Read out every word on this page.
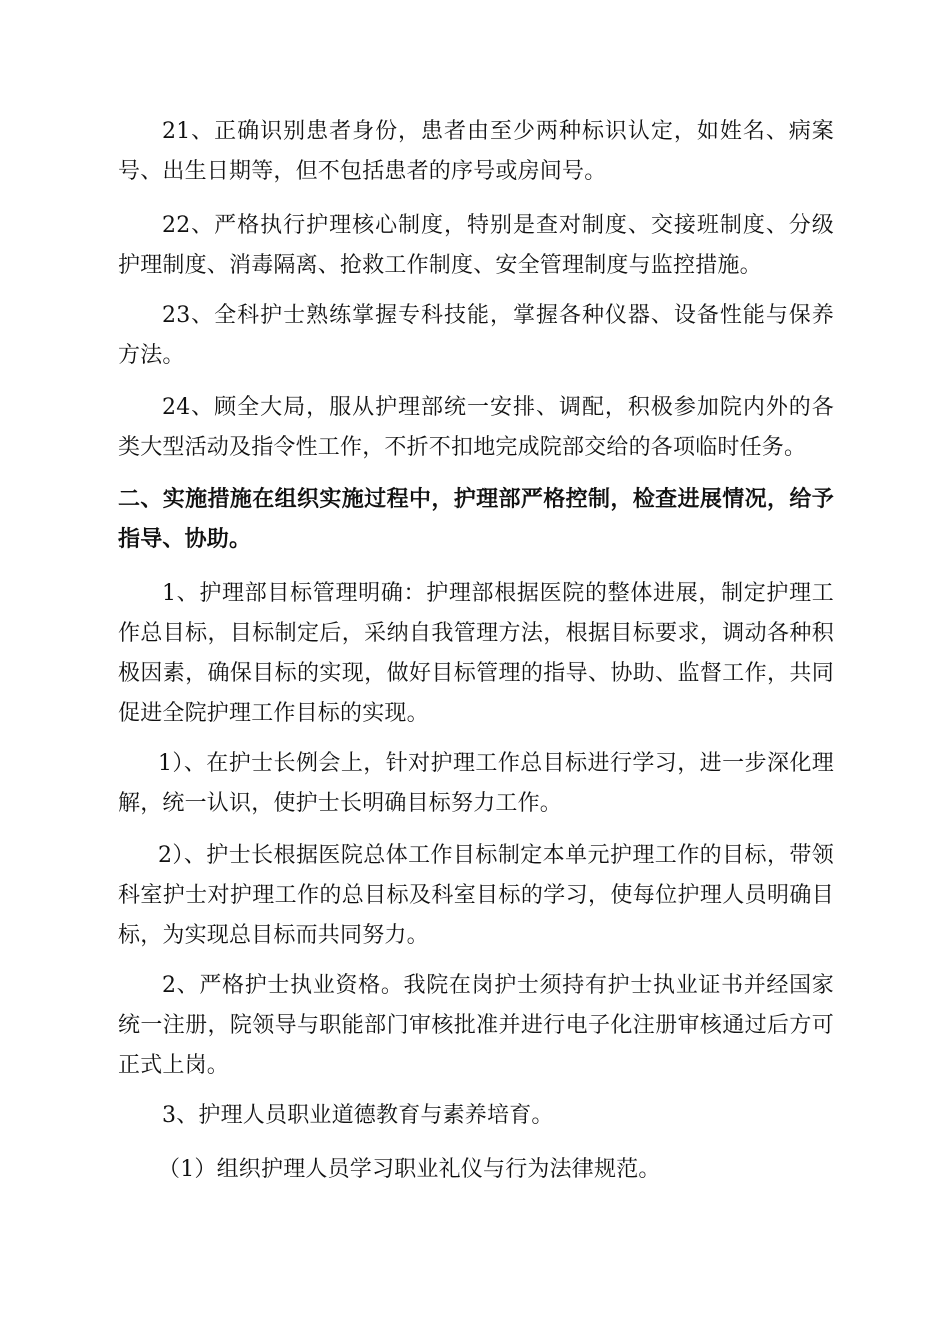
21、正确识别患者身份，患者由至少两种标识认定，如姓名、病案号、出生日期等，但不包括患者的序号或房间号。

22、严格执行护理核心制度，特别是查对制度、交接班制度、分级护理制度、消毒隔离、抢救工作制度、安全管理制度与监控措施。

23、全科护士熟练掌握专科技能，掌握各种仪器、设备性能与保养方法。

24、顾全大局，服从护理部统一安排、调配，积极参加院内外的各类大型活动及指令性工作，不折不扣地完成院部交给的各项临时任务。

二、实施措施在组织实施过程中，护理部严格控制，检查进展情况，给予指导、协助。

1、护理部目标管理明确：护理部根据医院的整体进展，制定护理工作总目标，目标制定后，采纳自我管理方法，根据目标要求，调动各种积极因素，确保目标的实现，做好目标管理的指导、协助、监督工作，共同促进全院护理工作目标的实现。

1）、在护士长例会上，针对护理工作总目标进行学习，进一步深化理解，统一认识，使护士长明确目标努力工作。

2）、护士长根据医院总体工作目标制定本单元护理工作的目标，带领科室护士对护理工作的总目标及科室目标的学习，使每位护理人员明确目标，为实现总目标而共同努力。

2、严格护士执业资格。我院在岗护士须持有护士执业证书并经国家统一注册，院领导与职能部门审核批准并进行电子化注册审核通过后方可正式上岗。

3、护理人员职业道德教育与素养培育。

（1）组织护理人员学习职业礼仪与行为法律规范。
